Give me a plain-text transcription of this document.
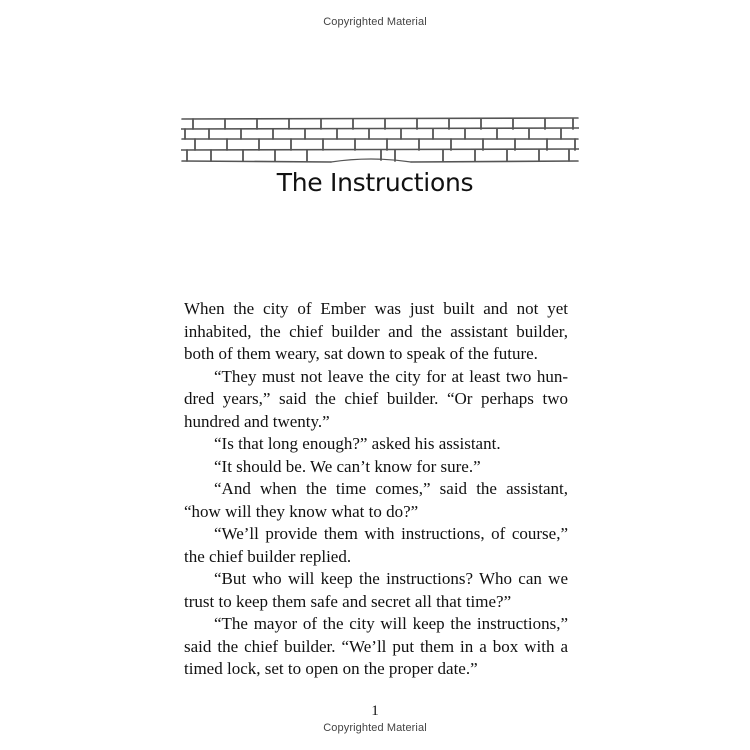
Copyrighted Material
The Instructions

When the city of Ember was just built and not yet inhabited, the chief builder and the assistant builder, both of them weary, sat down to speak of the future.

“They must not leave the city for at least two hundred years,” said the chief builder. “Or perhaps two hundred and twenty.”

“Is that long enough?” asked his assistant.

“It should be. We can’t know for sure.”

“And when the time comes,” said the assistant, “how will they know what to do?”

“We’ll provide them with instructions, of course,” the chief builder replied.

“But who will keep the instructions? Who can we trust to keep them safe and secret all that time?”

“The mayor of the city will keep the instructions,” said the chief builder. “We’ll put them in a box with a timed lock, set to open on the proper date.”

1
Copyrighted Material
